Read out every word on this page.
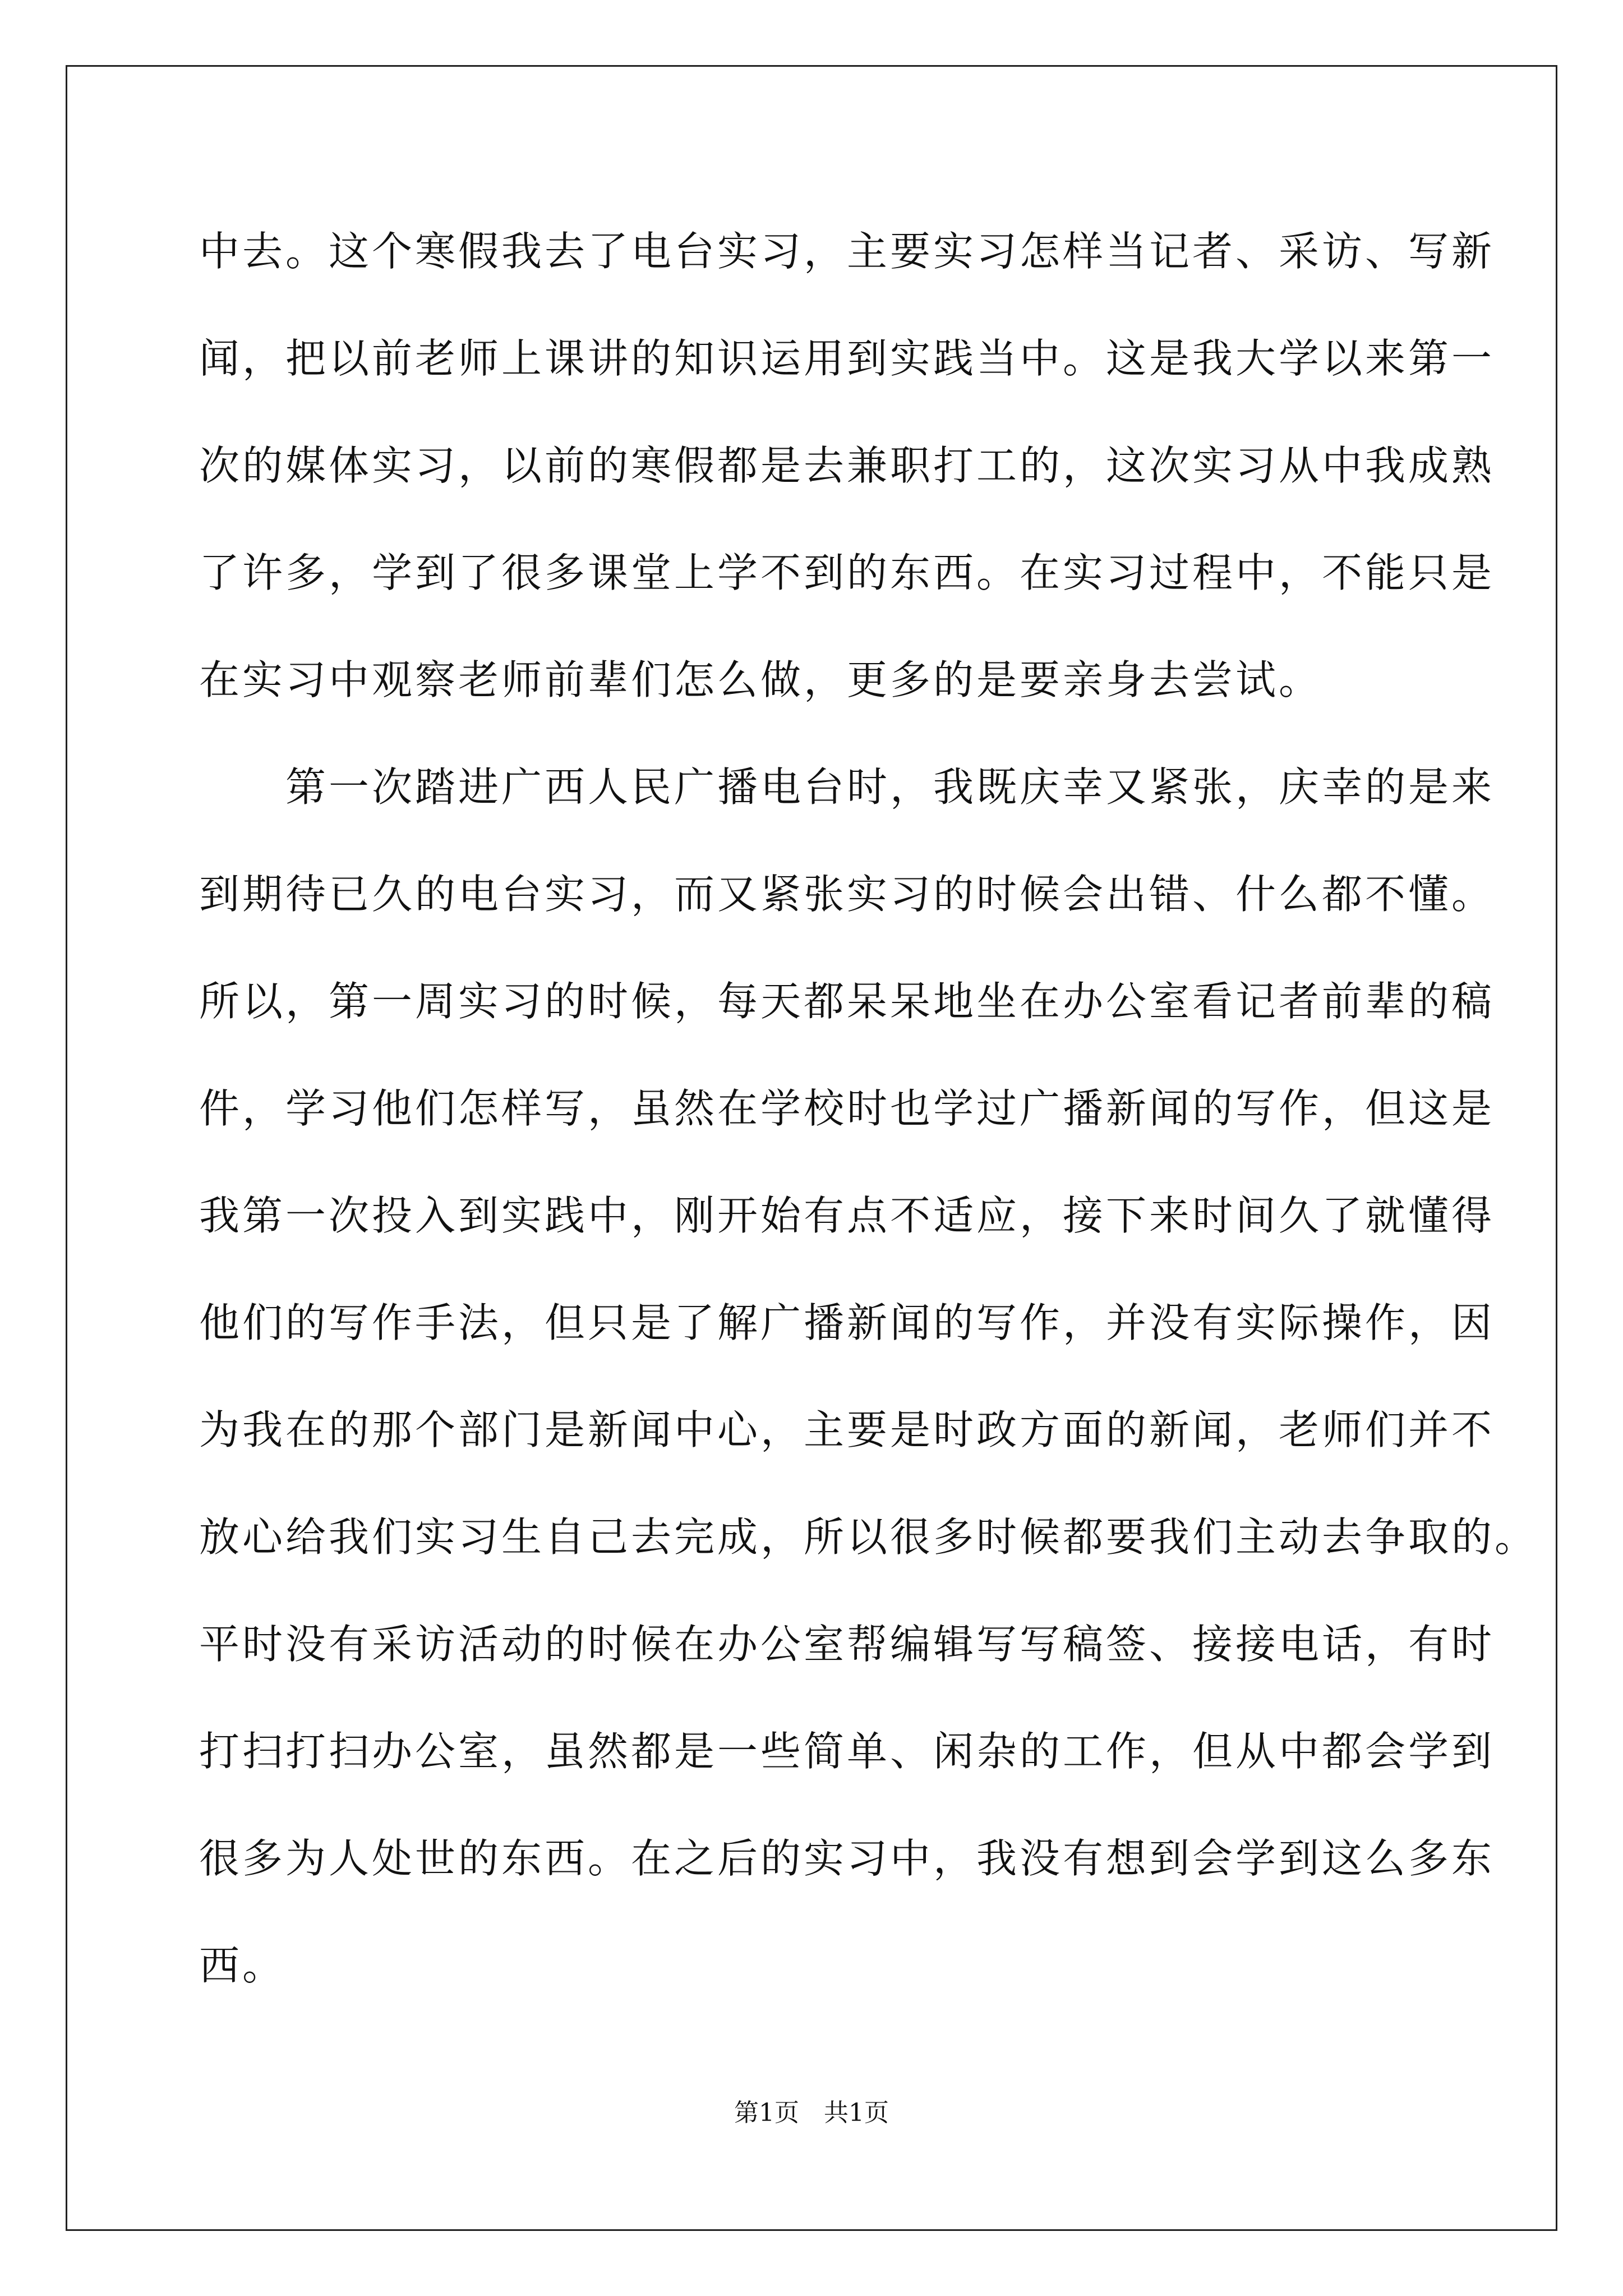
中去。这个寒假我去了电台实习，主要实习怎样当记者、采访、写新
闻，把以前老师上课讲的知识运用到实践当中。这是我大学以来第一
次的媒体实习，以前的寒假都是去兼职打工的，这次实习从中我成熟
了许多，学到了很多课堂上学不到的东西。在实习过程中，不能只是
在实习中观察老师前辈们怎么做，更多的是要亲身去尝试。
　　第一次踏进广西人民广播电台时，我既庆幸又紧张，庆幸的是来
到期待已久的电台实习，而又紧张实习的时候会出错、什么都不懂。
所以，第一周实习的时候，每天都呆呆地坐在办公室看记者前辈的稿
件，学习他们怎样写，虽然在学校时也学过广播新闻的写作，但这是
我第一次投入到实践中，刚开始有点不适应，接下来时间久了就懂得
他们的写作手法，但只是了解广播新闻的写作，并没有实际操作，因
为我在的那个部门是新闻中心，主要是时政方面的新闻，老师们并不
放心给我们实习生自己去完成，所以很多时候都要我们主动去争取的。
平时没有采访活动的时候在办公室帮编辑写写稿签、接接电话，有时
打扫打扫办公室，虽然都是一些简单、闲杂的工作，但从中都会学到
很多为人处世的东西。在之后的实习中，我没有想到会学到这么多东
西。
第1页 共1页
